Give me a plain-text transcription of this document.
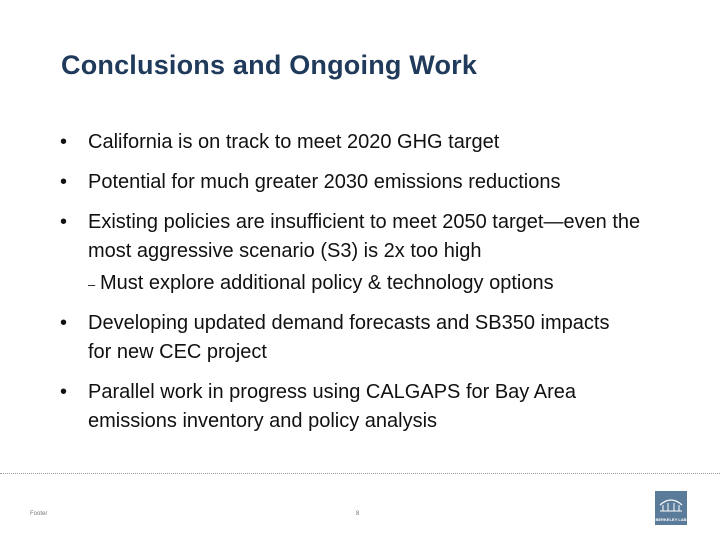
Conclusions and Ongoing Work
• California is on track to meet 2020 GHG target
• Potential for much greater 2030 emissions reductions
• Existing policies are insufficient to meet 2050 target—even the most aggressive scenario (S3) is 2x too high
– Must explore additional policy & technology options
• Developing updated demand forecasts and SB350 impacts for new CEC project
• Parallel work in progress using CALGAPS for Bay Area emissions inventory and policy analysis
Footer	8
BERKELEY LAB
